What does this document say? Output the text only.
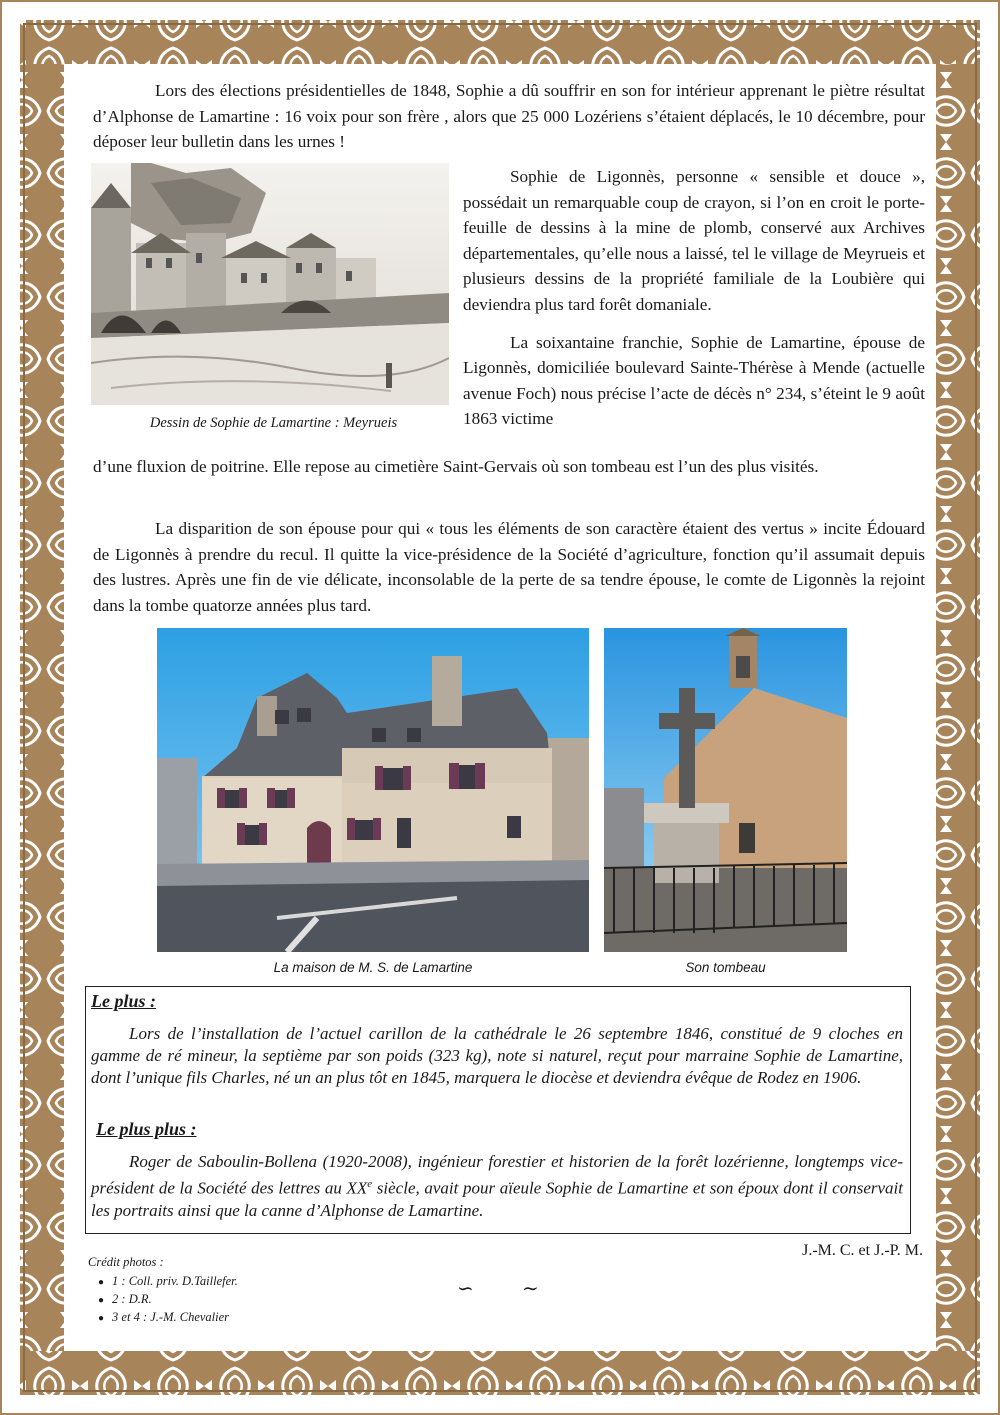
Lors des élections présidentielles de 1848, Sophie a dû souffrir en son for intérieur apprenant le piètre résultat d’Alphonse de Lamartine : 16 voix pour son frère , alors que 25 000 Lozériens s’étaient déplacés, le 10 décembre, pour déposer leur bulletin dans les urnes !

Dessin de Sophie de Lamartine : Meyrueis

Sophie de Ligonnès, personne « sensible et douce », possédait un remarquable coup de crayon, si l’on en croit le porte-feuille de dessins à la mine de plomb, conservé aux Archives départementales, qu’elle nous a laissé, tel le village de Meyrueis et plusieurs dessins de la propriété familiale de la Loubière qui deviendra plus tard forêt domaniale.

La soixantaine franchie, Sophie de Lamartine, épouse de Ligonnès, domiciliée boulevard Sainte-Thérèse à Mende (actuelle avenue Foch) nous précise l’acte de décès n° 234, s’éteint le 9 août 1863 victime

d’une fluxion de poitrine. Elle repose au cimetière Saint-Gervais où son tombeau est l’un des plus visités.

La disparition de son épouse pour qui « tous les éléments de son caractère étaient des vertus » incite Édouard de Ligonnès à prendre du recul. Il quitte la vice-présidence de la Société d’agriculture, fonction qu’il assumait depuis des lustres. Après une fin de vie délicate, inconsolable de la perte de sa tendre épouse, le comte de Ligonnès la rejoint dans la tombe quatorze années plus tard.

La maison de M. S. de Lamartine	Son tombeau
Le plus :

Lors de l’installation de l’actuel carillon de la cathédrale le 26 septembre 1846, constitué de 9 cloches en gamme de ré mineur, la septième par son poids (323 kg), note si naturel, reçut pour marraine Sophie de Lamartine, dont l’unique fils Charles, né un an plus tôt en 1845, marquera le diocèse et deviendra évêque de Rodez en 1906.

Le plus plus :

Roger de Saboulin-Bollena (1920-2008), ingénieur forestier et historien de la forêt lozérienne, longtemps vice-président de la Société des lettres au XXe siècle, avait pour aïeule Sophie de Lamartine et son époux dont il conservait les portraits ainsi que la canne d’Alphonse de Lamartine.

J.-M. C. et J.-P. M.

Crédit photos :

● 1 : Coll. priv. D.Taillefer.
● 2 : D.R.
● 3 et 4 : J.-M. Chevalier
∽ ∼
